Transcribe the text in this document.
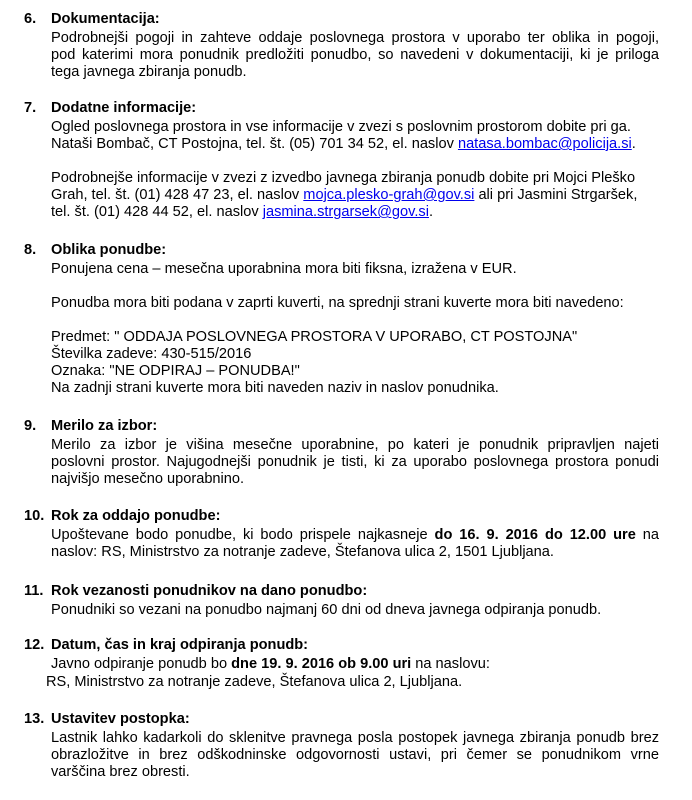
6. Dokumentacija:
Podrobnejši pogoji in zahteve oddaje poslovnega prostora v uporabo ter oblika in pogoji,
pod katerimi mora ponudnik predložiti ponudbo, so navedeni v dokumentaciji, ki je priloga
tega javnega zbiranja ponudb.
7. Dodatne informacije:
Ogled poslovnega prostora in vse informacije v zvezi s poslovnim prostorom dobite pri ga.
Nataši Bombač, CT Postojna, tel. št. (05) 701 34 52, el. naslov natasa.bombac@policija.si.
Podrobnejše informacije v zvezi z izvedbo javnega zbiranja ponudb dobite pri Mojci Pleško
Grah, tel. št. (01) 428 47 23, el. naslov mojca.plesko-grah@gov.si ali pri Jasmini Strgaršek,
tel. št. (01) 428 44 52, el. naslov jasmina.strgarsek@gov.si.
8. Oblika ponudbe:
Ponujena cena – mesečna uporabnina mora biti fiksna, izražena v EUR.
Ponudba mora biti podana v zaprti kuverti, na sprednji strani kuverte mora biti navedeno:
Predmet: " ODDAJA POSLOVNEGA PROSTORA V UPORABO, CT POSTOJNA"
Številka zadeve: 430-515/2016
Oznaka: "NE ODPIRAJ – PONUDBA!"
Na zadnji strani kuverte mora biti naveden naziv in naslov ponudnika.
9. Merilo za izbor:
Merilo za izbor je višina mesečne uporabnine, po kateri je ponudnik pripravljen najeti
poslovni prostor. Najugodnejši ponudnik je tisti, ki za uporabo poslovnega prostora ponudi
najvišjo mesečno uporabnino.
10. Rok za oddajo ponudbe:
Upoštevane bodo ponudbe, ki bodo prispele najkasneje do 16. 9. 2016 do 12.00 ure na
naslov: RS, Ministrstvo za notranje zadeve, Štefanova ulica 2, 1501 Ljubljana.
11. Rok vezanosti ponudnikov na dano ponudbo:
Ponudniki so vezani na ponudbo najmanj 60 dni od dneva javnega odpiranja ponudb.
12. Datum, čas in kraj odpiranja ponudb:
Javno odpiranje ponudb bo dne 19. 9. 2016 ob 9.00 uri na naslovu:
RS, Ministrstvo za notranje zadeve, Štefanova ulica 2, Ljubljana.
13. Ustavitev postopka:
Lastnik lahko kadarkoli do sklenitve pravnega posla postopek javnega zbiranja ponudb brez
obrazložitve in brez odškodninske odgovornosti ustavi, pri čemer se ponudnikom vrne
varščina brez obresti.
